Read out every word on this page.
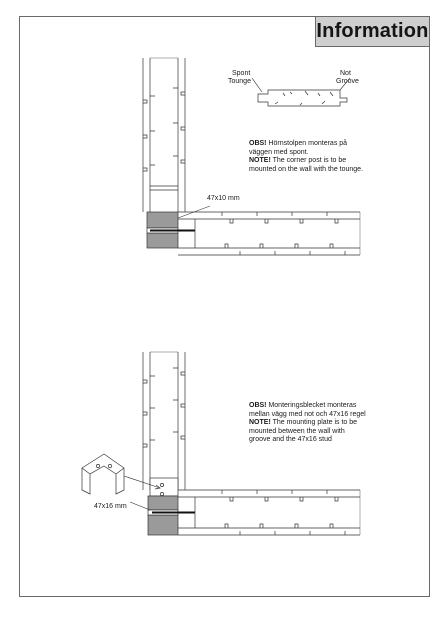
Information
Spont
Tounge
Not
Groove
47x10 mm
OBS! Hörnstolpen monteras på
väggen med spont.
NOTE! The corner post is to be
mounted on the wall with the tounge.
47x16 mm
OBS! Monteringsblecket monteras
mellan vägg med not och 47x16 regel
NOTE! The mounting plate is to be
mounted between the wall with
groove and the 47x16 stud
